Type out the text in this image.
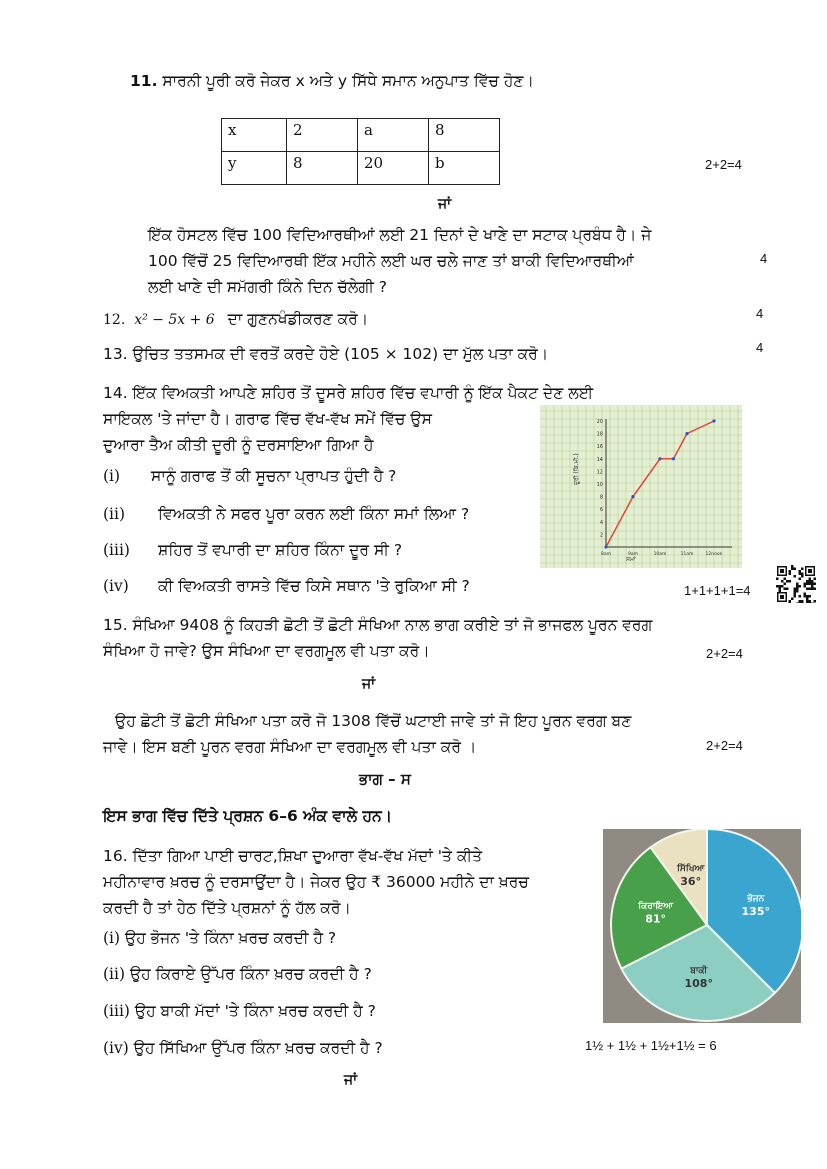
11. ਸਾਰਨੀ ਪੂਰੀ ਕਰੋ ਜੇਕਰ x ਅਤੇ y ਸਿੱਧੇ ਸਮਾਨ ਅਨੁਪਾਤ ਵਿੱਚ ਹੋਣ।
x	2	a	8
y	8	20	b	2+2=4
ਜਾਂ
ਇੱਕ ਹੋਸਟਲ ਵਿੱਚ 100 ਵਿਦਿਆਰਥੀਆਂ ਲਈ 21 ਦਿਨਾਂ ਦੇ ਖਾਣੇ ਦਾ ਸਟਾਕ ਪ੍ਰਬੰਧ ਹੈ। ਜੇ
100 ਵਿੱਚੋਂ 25 ਵਿਦਿਆਰਥੀ ਇੱਕ ਮਹੀਨੇ ਲਈ ਘਰ ਚਲੇ ਜਾਣ ਤਾਂ ਬਾਕੀ ਵਿਦਿਆਰਥੀਆਂ
ਲਈ ਖਾਣੇ ਦੀ ਸਮੱਗਰੀ ਕਿੰਨੇ ਦਿਨ ਚੱਲੇਗੀ ?
4
12. x² − 5x + 6 ਦਾ ਗੁਣਨਖੰਡੀਕਰਣ ਕਰੋ।	4
13. ਉਚਿਤ ਤਤਸਮਕ ਦੀ ਵਰਤੋਂ ਕਰਦੇ ਹੋਏ (105 × 102) ਦਾ ਮੁੱਲ ਪਤਾ ਕਰੋ।	4
14. ਇੱਕ ਵਿਅਕਤੀ ਆਪਣੇ ਸ਼ਹਿਰ ਤੋਂ ਦੂਸਰੇ ਸ਼ਹਿਰ ਵਿੱਚ ਵਪਾਰੀ ਨੂੰ ਇੱਕ ਪੈਕਟ ਦੇਣ ਲਈ
ਸਾਇਕਲ 'ਤੇ ਜਾਂਦਾ ਹੈ। ਗਰਾਫ ਵਿੱਚ ਵੱਖ-ਵੱਖ ਸਮੇਂ ਵਿੱਚ ਉਸ
ਦੁਆਰਾ ਤੈਅ ਕੀਤੀ ਦੂਰੀ ਨੂੰ ਦਰਸਾਇਆ ਗਿਆ ਹੈ
(i) ਸਾਨੂੰ ਗਰਾਫ ਤੋਂ ਕੀ ਸੂਚਨਾ ਪ੍ਰਾਪਤ ਹੁੰਦੀ ਹੈ ?
(ii) ਵਿਅਕਤੀ ਨੇ ਸਫਰ ਪੂਰਾ ਕਰਨ ਲਈ ਕਿੰਨਾ ਸਮਾਂ ਲਿਆ ?
(iii) ਸ਼ਹਿਰ ਤੋਂ ਵਪਾਰੀ ਦਾ ਸ਼ਹਿਰ ਕਿੰਨਾ ਦੂਰ ਸੀ ?
(iv) ਕੀ ਵਿਅਕਤੀ ਰਾਸਤੇ ਵਿੱਚ ਕਿਸੇ ਸਥਾਨ 'ਤੇ ਰੁਕਿਆ ਸੀ ?	1+1+1+1=4
2
4
6
8
10
12
14
16
18
20
8am	9am	10am	11am	12noon
ਦੂਰੀ (ਕਿ.ਮੀ.)
ਸਮਾਂ
15. ਸੰਖਿਆ 9408 ਨੂੰ ਕਿਹੜੀ ਛੋਟੀ ਤੋਂ ਛੋਟੀ ਸੰਖਿਆ ਨਾਲ ਭਾਗ ਕਰੀਏ ਤਾਂ ਜੋ ਭਾਜਫਲ ਪੂਰਨ ਵਰਗ
ਸੰਖਿਆ ਹੋ ਜਾਵੇ? ਉਸ ਸੰਖਿਆ ਦਾ ਵਰਗਮੂਲ ਵੀ ਪਤਾ ਕਰੋ।	2+2=4
ਜਾਂ
ਉਹ ਛੋਟੀ ਤੋਂ ਛੋਟੀ ਸੰਖਿਆ ਪਤਾ ਕਰੋ ਜੋ 1308 ਵਿੱਚੋਂ ਘਟਾਈ ਜਾਵੇ ਤਾਂ ਜੋ ਇਹ ਪੂਰਨ ਵਰਗ ਬਣ
ਜਾਵੇ। ਇਸ ਬਣੀ ਪੂਰਨ ਵਰਗ ਸੰਖਿਆ ਦਾ ਵਰਗਮੂਲ ਵੀ ਪਤਾ ਕਰੋ ।	2+2=4
ਭਾਗ – ਸ
ਇਸ ਭਾਗ ਵਿੱਚ ਦਿੱਤੇ ਪ੍ਰਸ਼ਨ 6–6 ਅੰਕ ਵਾਲੇ ਹਨ।
16. ਦਿੱਤਾ ਗਿਆ ਪਾਈ ਚਾਰਟ,ਸ਼ਿਖਾ ਦੁਆਰਾ ਵੱਖ-ਵੱਖ ਮੱਦਾਂ 'ਤੇ ਕੀਤੇ
ਮਹੀਨਾਵਾਰ ਖ਼ਰਚ ਨੂੰ ਦਰਸਾਉਂਦਾ ਹੈ। ਜੇਕਰ ਉਹ ₹ 36000 ਮਹੀਨੇ ਦਾ ਖ਼ਰਚ
ਕਰਦੀ ਹੈ ਤਾਂ ਹੇਠ ਦਿੱਤੇ ਪ੍ਰਸ਼ਨਾਂ ਨੂੰ ਹੱਲ ਕਰੋ।
(i) ਉਹ ਭੋਜਨ 'ਤੇ ਕਿੰਨਾ ਖ਼ਰਚ ਕਰਦੀ ਹੈ ?
(ii) ਉਹ ਕਿਰਾਏ ਉੱਪਰ ਕਿੰਨਾ ਖ਼ਰਚ ਕਰਦੀ ਹੈ ?
(iii) ਉਹ ਬਾਕੀ ਮੱਦਾਂ 'ਤੇ ਕਿੰਨਾ ਖ਼ਰਚ ਕਰਦੀ ਹੈ ?
(iv) ਉਹ ਸਿੱਖਿਆ ਉੱਪਰ ਕਿੰਨਾ ਖ਼ਰਚ ਕਰਦੀ ਹੈ ?	1½ + 1½ + 1½+1½ = 6
ਜਾਂ
ਭੋਜਨ
135°
ਬਾਕੀ
108°
ਕਿਰਾਇਆ
81°
ਸਿੱਖਿਆ
36°
